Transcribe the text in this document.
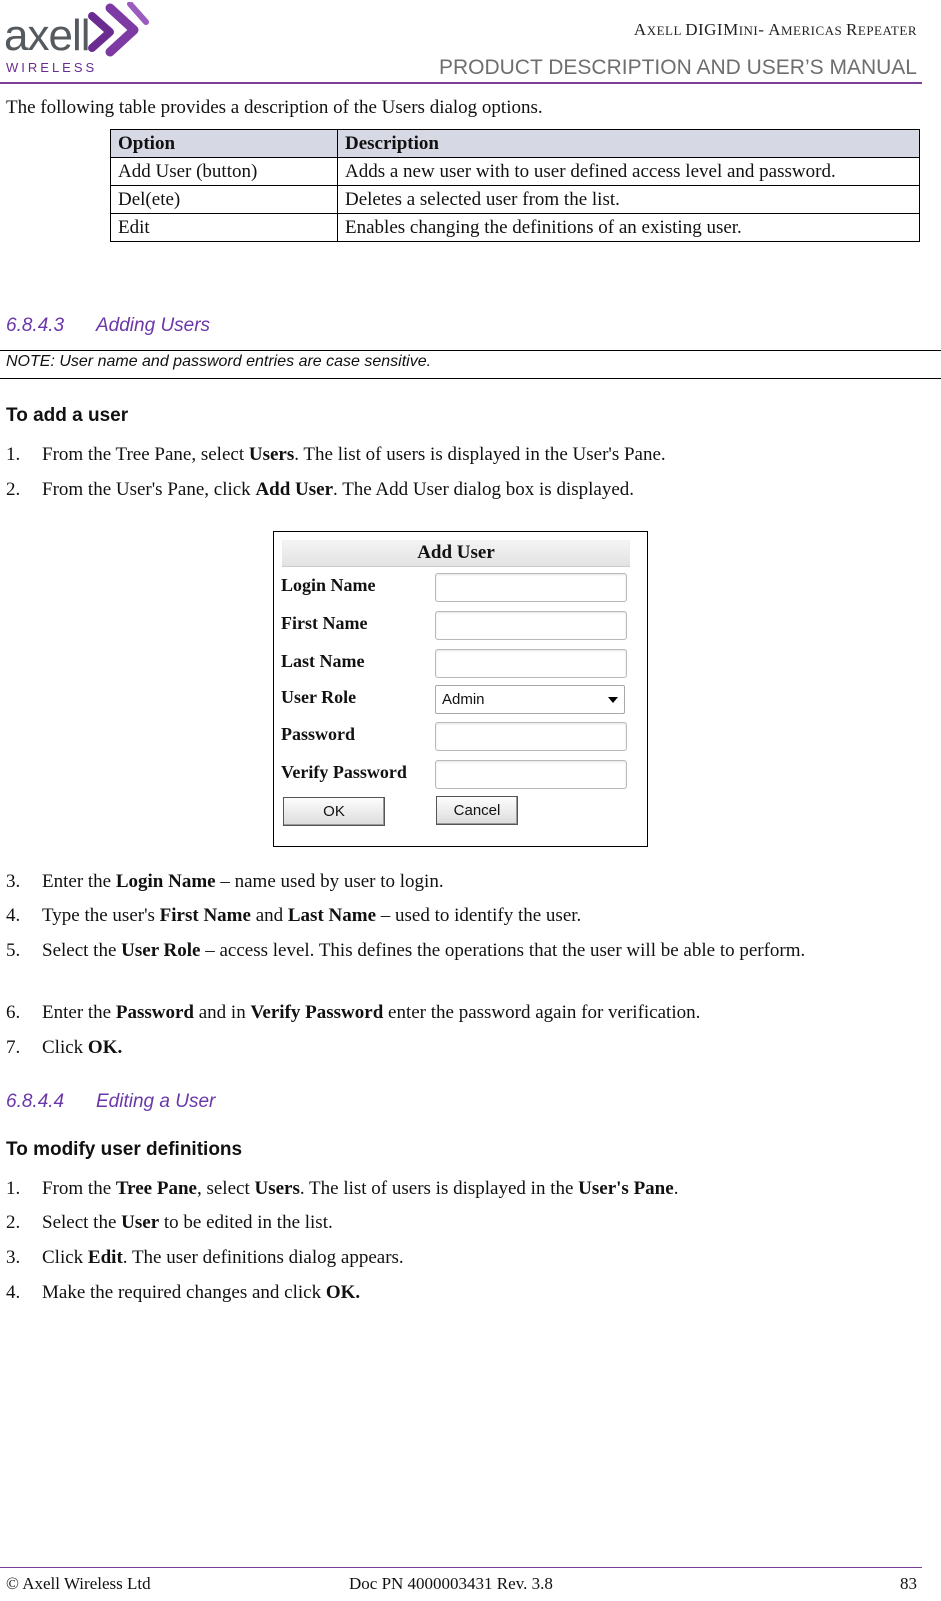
axell
WIRELESS
AXELL DIGIMINI- AMERICAS REPEATER
PRODUCT DESCRIPTION AND USER’S MANUAL
The following table provides a description of the Users dialog options.
Option	Description
Add User (button)	Adds a new user with to user defined access level and password.
Del(ete)	Deletes a selected user from the list.
Edit	Enables changing the definitions of an existing user.
6.8.4.3 Adding Users
NOTE: User name and password entries are case sensitive.
To add a user
1.	From the Tree Pane, select Users. The list of users is displayed in the User's Pane.
2.	From the User's Pane, click Add User. The Add User dialog box is displayed.
Add User
Login Name
First Name
Last Name
User Role	Admin
Password
Verify Password
OK	Cancel
3.	Enter the Login Name – name used by user to login.
4.	Type the user's First Name and Last Name – used to identify the user.
5.	Select the User Role – access level. This defines the operations that the user will be able to perform.
6.	Enter the Password and in Verify Password enter the password again for verification.
7.	Click OK.
6.8.4.4 Editing a User
To modify user definitions
1.	From the Tree Pane, select Users. The list of users is displayed in the User's Pane.
2.	Select the User to be edited in the list.
3.	Click Edit. The user definitions dialog appears.
4.	Make the required changes and click OK.
© Axell Wireless Ltd	Doc PN 4000003431 Rev. 3.8	83
